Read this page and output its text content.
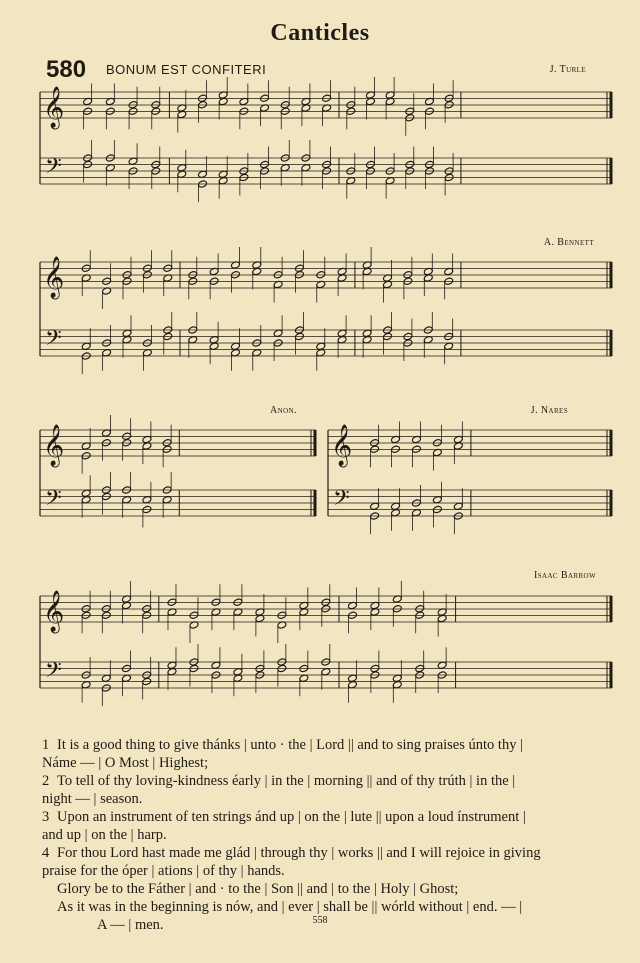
Canticles
580 BONUM EST CONFITERI	J. Turle
A. Bennett
Anon.	J. Nares
Isaac Barrow
𝄞
𝄢
𝄞
𝄢
𝄞
𝄢
𝄞
𝄢
𝄞
𝄢
1 It is a good thing to give thánks | unto · the | Lord || and to sing praises únto thy |
Náme — | O Most | Highest;
2 To tell of thy loving-kindness éarly | in the | morning || and of thy trúth | in the |
night — | season.
3 Upon an instrument of ten strings ánd up | on the | lute || upon a loud ínstrument |
and up | on the | harp.
4 For thou Lord hast made me glád | through thy | works || and I will rejoice in giving
praise for the óper | ations | of thy | hands.
Glory be to the Fáther | and · to the | Son || and | to the | Holy | Ghost;
As it was in the beginning is nów, and | ever | shall be || wórld without | end. — |
A — | men.	558
